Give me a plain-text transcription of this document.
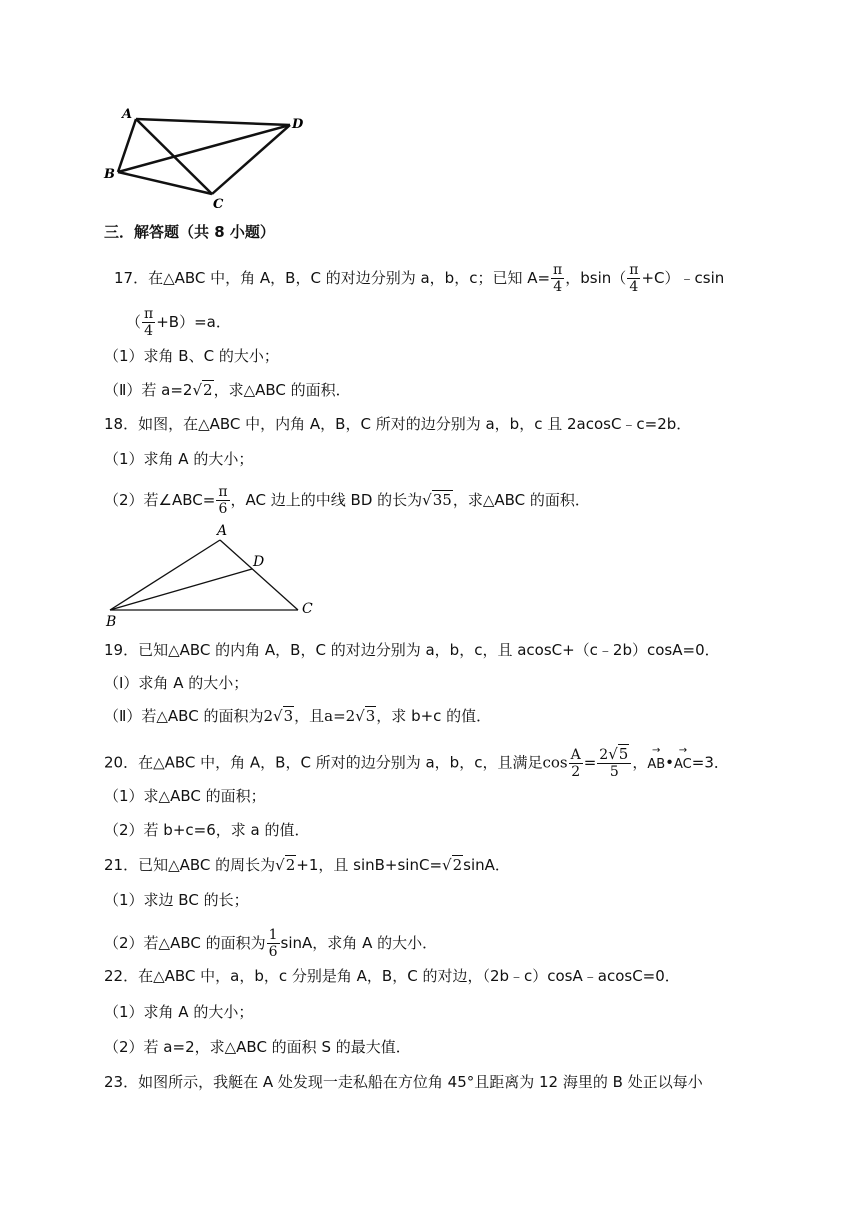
A
B
C
D
三．解答题（共 8 小题）
17．在△ABC 中，角 A，B，C 的对边分别为 a，b，c；已知 $A= \frac{\pi}{4}$ ，$bsin( \frac{\pi}{4}$ +C）﹣csin
（ $\frac{\pi}{4} +B)=a$．
（1）求角 B、C 的大小；
（Ⅱ）若 a=2√2，求△ABC 的面积．
18．如图，在△ABC 中，内角 A，B，C 所对的边分别为 a，b，c 且 2acosC﹣c=2b．
（1）求角 A 的大小；
（2）若∠ABC= $\frac{\pi}{6}$ ，AC 边上的中线 BD 的长为√35，求△ABC 的面积．
A
B
C
D
19．已知△ABC 的内角 A，B，C 的对边分别为 a，b，c，且 acosC+（c﹣2b）cosA=0．
（Ⅰ）求角 A 的大小；
（Ⅱ）若△ABC 的面积为2√3，且a=2√3，求 b+c 的值．
20．在△ABC 中，角 A，B，C 所对的边分别为 a，b，c，且满足$\cos \frac{A}{2} = \frac{2√5}{5}$ ，
→
AB•
→
AC=3．
（1）求△ABC 的面积；
（2）若 b+c=6，求 a 的值．
21．已知△ABC 的周长为√2+1，且 sinB+sinC=√2sinA．
（1）求边 BC 的长；
（2）若△ABC 的面积为 $\frac{1}{6}$ sinA，求角 A 的大小．
22．在△ABC 中，a，b，c 分别是角 A，B，C 的对边，（2b﹣c）cosA﹣acosC=0．
（1）求角 A 的大小；
（2）若 a=2，求△ABC 的面积 S 的最大值．
23．如图所示，我艇在 A 处发现一走私船在方位角 45°且距离为 12 海里的 B 处正以每小
